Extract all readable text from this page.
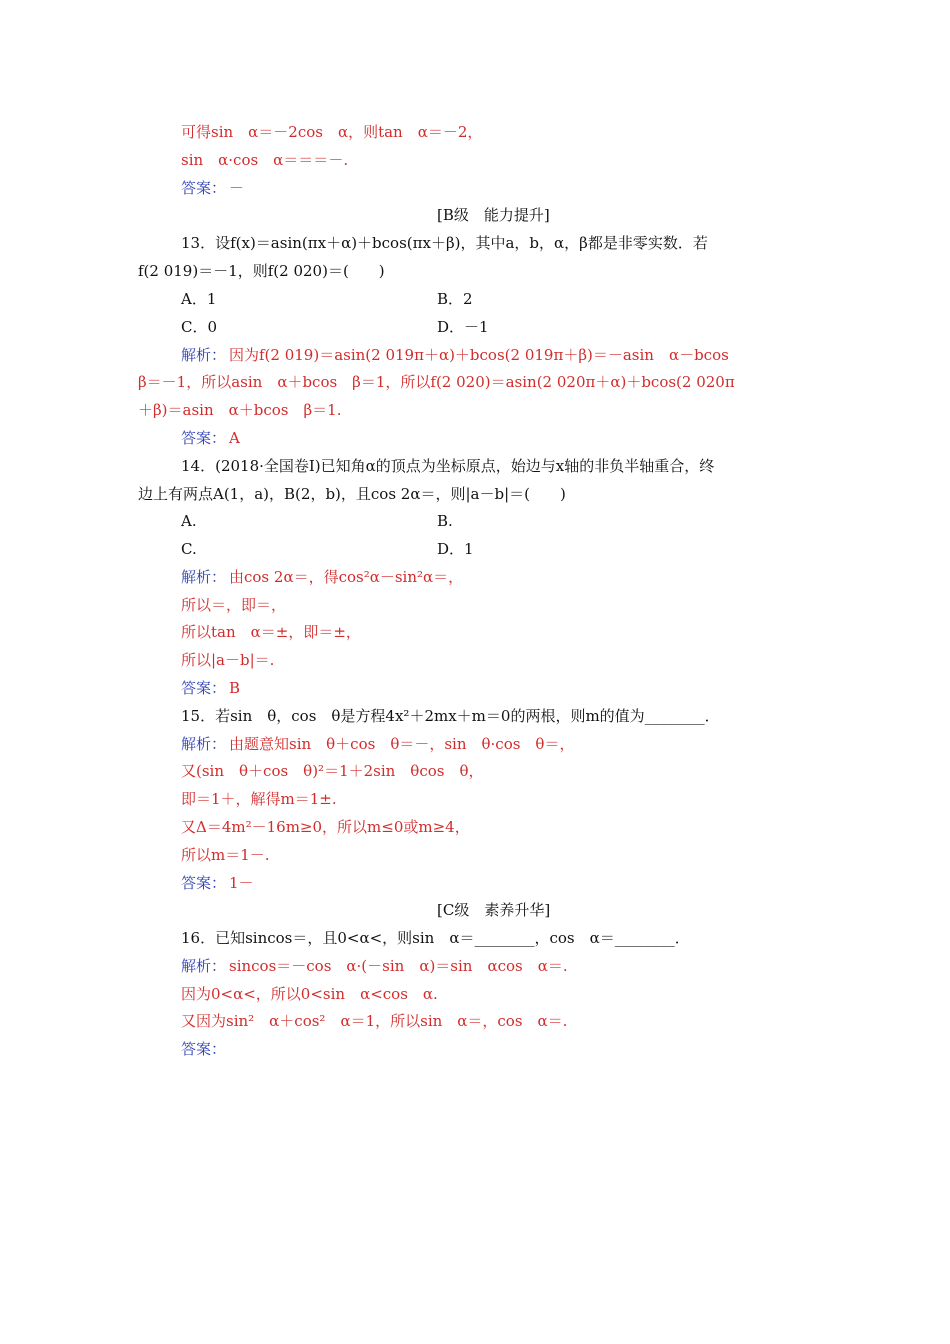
可得sin　α＝－2cos　α，则tan　α＝－2，
sin　α·cos　α＝＝＝－.
答案： －
[B级　能力提升]
13．设f(x)＝asin(πx＋α)＋bcos(πx＋β)，其中a，b，α，β都是非零实数．若
f(2 019)＝－1，则f(2 020)＝(　　)
A．1	B．2
C．0	D．－1
解析： 因为f(2 019)＝asin(2 019π＋α)＋bcos(2 019π＋β)＝－asin　α－bcos
β＝－1，所以asin　α＋bcos　β＝1，所以f(2 020)＝asin(2 020π＋α)＋bcos(2 020π
＋β)＝asin　α＋bcos　β＝1.
答案： A
14．(2018·全国卷Ⅰ)已知角α的顶点为坐标原点，始边与x轴的非负半轴重合，终
边上有两点A(1，a)，B(2，b)，且cos 2α＝，则|a－b|＝(　　)
A.	B.
C.	D．1
解析： 由cos 2α＝，得cos²α－sin²α＝，
所以＝，即＝，
所以tan　α＝±，即＝±，
所以|a－b|＝.
答案： B
15．若sin　θ，cos　θ是方程4x²＋2mx＋m＝0的两根，则m的值为________．
解析： 由题意知sin　θ＋cos　θ＝－，sin　θ·cos　θ＝，
又(sin　θ＋cos　θ)²＝1＋2sin　θcos　θ，
即＝1＋，解得m＝1±.
又Δ＝4m²－16m≥0，所以m≤0或m≥4，
所以m＝1－.
答案： 1－
[C级　素养升华]
16．已知sincos＝，且0<α<，则sin　α＝________，cos　α＝________．
解析： sincos＝－cos　α·(－sin　α)＝sin　αcos　α＝.
因为0<α<，所以0<sin　α<cos　α.
又因为sin²　α＋cos²　α＝1，所以sin　α＝，cos　α＝.
答案：
